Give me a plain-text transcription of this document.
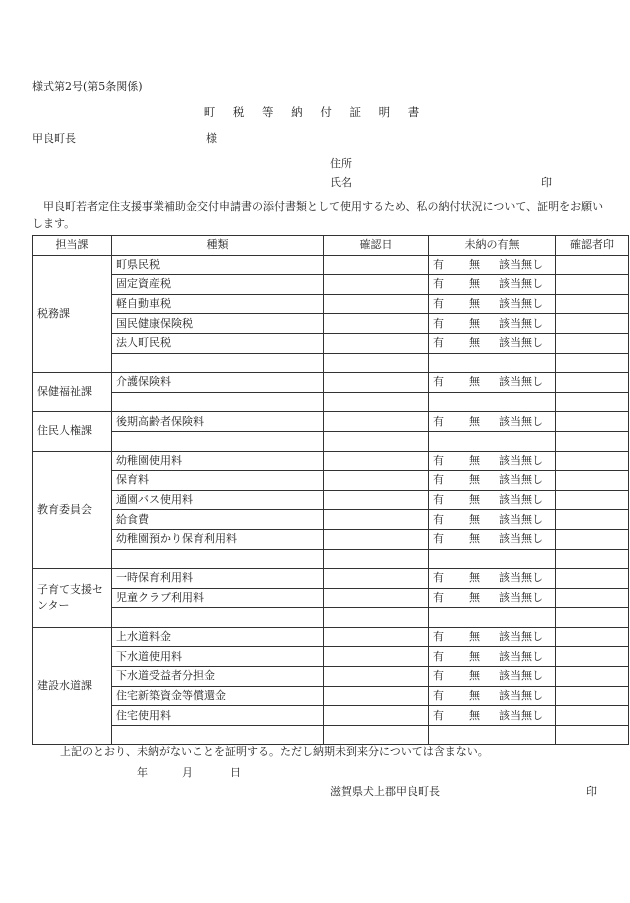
様式第2号(第5条関係)
町 税 等 納 付 証 明 書
甲良町長	様
住所
氏名	印
甲良町若者定住支援事業補助金交付申請書の添付書類として使用するため、私の納付状況について、証明をお願いします。
担当課	種類	確認日	未納の有無	確認者印

税務課	町県民税		有 無 該当無し	
	固定資産税		有 無 該当無し	
	軽自動車税		有 無 該当無し	
	国民健康保険税		有 無 該当無し	
	法人町民税		有 無 該当無し	

保健福祉課	介護保険料		有 無 該当無し	

住民人権課	後期高齢者保険料		有 無 該当無し	

教育委員会	幼稚園使用料		有 無 該当無し	
	保育料		有 無 該当無し	
	通園バス使用料		有 無 該当無し	
	給食費		有 無 該当無し	
	幼稚園預かり保育利用料		有 無 該当無し	

子育て支援センター	一時保育利用料		有 無 該当無し	
	児童クラブ利用料		有 無 該当無し	

建設水道課	上水道料金		有 無 該当無し	
	下水道使用料		有 無 該当無し	
	下水道受益者分担金		有 無 該当無し	
	住宅新築資金等償還金		有 無 該当無し	
	住宅使用料		有 無 該当無し	

上記のとおり、未納がないことを証明する。ただし納期未到来分については含まない。
年	月	日
滋賀県犬上郡甲良町長	印
